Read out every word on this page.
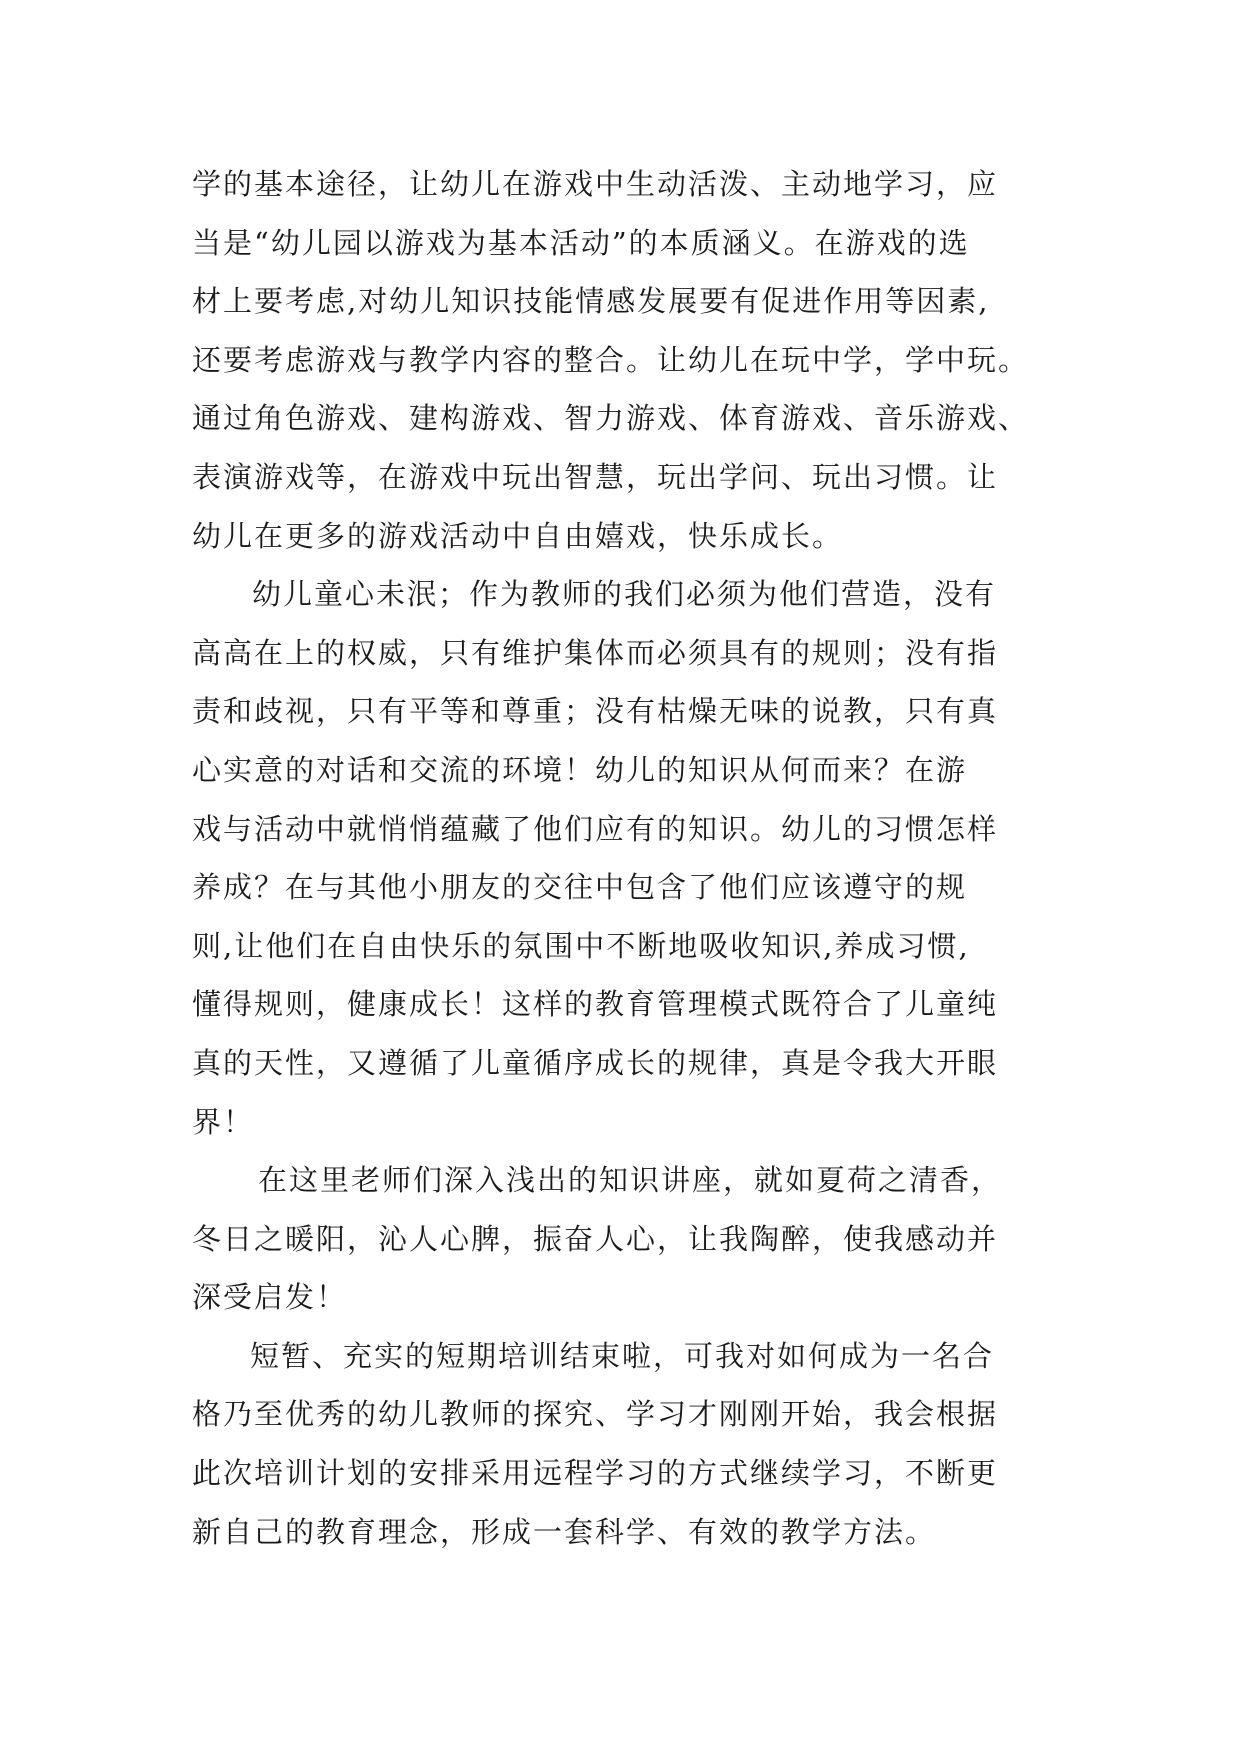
学的基本途径，让幼儿在游戏中生动活泼、主动地学习，应
当是“幼儿园以游戏为基本活动”的本质涵义。在游戏的选
材上要考虑,对幼儿知识技能情感发展要有促进作用等因素,
还要考虑游戏与教学内容的整合。让幼儿在玩中学，学中玩。
通过角色游戏、建构游戏、智力游戏、体育游戏、音乐游戏、
表演游戏等，在游戏中玩出智慧，玩出学问、玩出习惯。让
幼儿在更多的游戏活动中自由嬉戏，快乐成长。
幼儿童心未泯；作为教师的我们必须为他们营造，没有
高高在上的权威，只有维护集体而必须具有的规则；没有指
责和歧视，只有平等和尊重；没有枯燥无味的说教，只有真
心实意的对话和交流的环境！幼儿的知识从何而来？在游
戏与活动中就悄悄蕴藏了他们应有的知识。幼儿的习惯怎样
养成？在与其他小朋友的交往中包含了他们应该遵守的规
则,让他们在自由快乐的氛围中不断地吸收知识,养成习惯,
懂得规则，健康成长！这样的教育管理模式既符合了儿童纯
真的天性，又遵循了儿童循序成长的规律，真是令我大开眼
界！
在这里老师们深入浅出的知识讲座，就如夏荷之清香，
冬日之暖阳，沁人心脾，振奋人心，让我陶醉，使我感动并
深受启发！
短暂、充实的短期培训结束啦，可我对如何成为一名合
格乃至优秀的幼儿教师的探究、学习才刚刚开始，我会根据
此次培训计划的安排采用远程学习的方式继续学习，不断更
新自己的教育理念，形成一套科学、有效的教学方法。
